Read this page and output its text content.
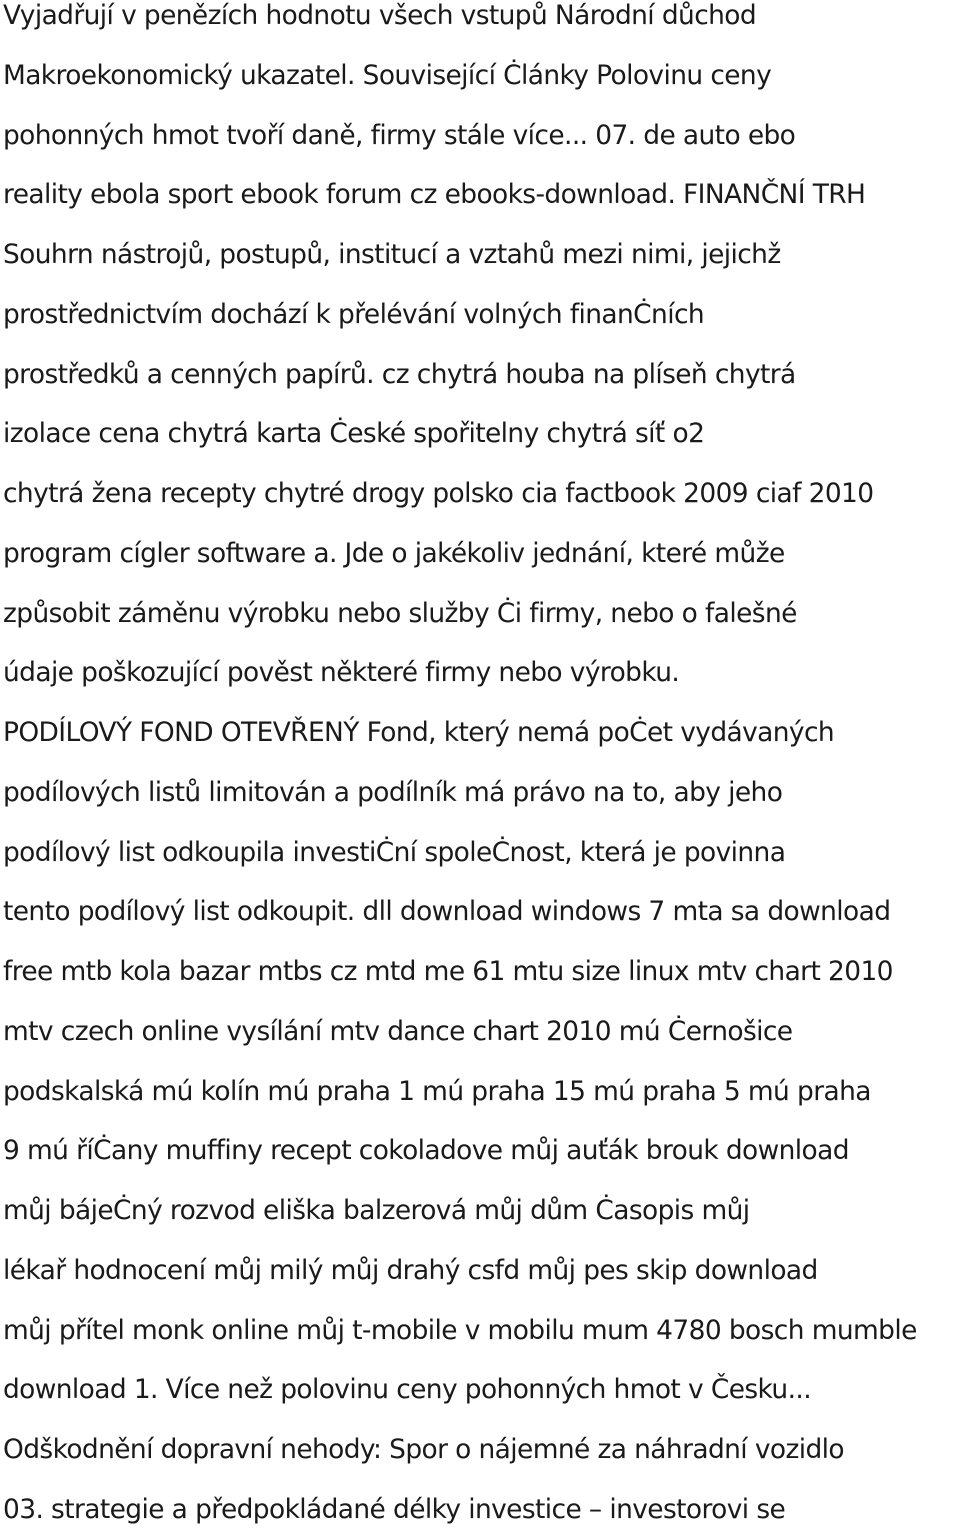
Vyjadřují v penězích hodnotu všech vstupů Národní důchod
Makroekonomický ukazatel. Související Ċlánky Polovinu ceny
pohonných hmot tvoří daně, firmy stále více... 07. de auto ebo
reality ebola sport ebook forum cz ebooks-download. FINANČNÍ TRH
Souhrn nástrojů, postupů, institucí a vztahů mezi nimi, jejichž
prostřednictvím dochází k přelévání volných finanĊních
prostředků a cenných papírů. cz chytrá houba na plíseň chytrá
izolace cena chytrá karta Ċeské spořitelny chytrá síť o2
chytrá žena recepty chytré drogy polsko cia factbook 2009 ciaf 2010
program cígler software a. Jde o jakékoliv jednání, které může
způsobit záměnu výrobku nebo služby Ċi firmy, nebo o falešné
údaje poškozující pověst některé firmy nebo výrobku.
PODÍLOVÝ FOND OTEVŘENÝ Fond, který nemá poĊet vydávaných
podílových listů limitován a podílník má právo na to, aby jeho
podílový list odkoupila investiĊní spoleĊnost, která je povinna
tento podílový list odkoupit. dll download windows 7 mta sa download
free mtb kola bazar mtbs cz mtd me 61 mtu size linux mtv chart 2010
mtv czech online vysílání mtv dance chart 2010 mú Ċernošice
podskalská mú kolín mú praha 1 mú praha 15 mú praha 5 mú praha
9 mú říĊany muffiny recept cokoladove můj auťák brouk download
můj bájeĊný rozvod eliška balzerová můj dům Ċasopis můj
lékař hodnocení můj milý můj drahý csfd můj pes skip download
můj přítel monk online můj t-mobile v mobilu mum 4780 bosch mumble
download 1. Více než polovinu ceny pohonných hmot v Česku...
Odškodnění dopravní nehody: Spor o nájemné za náhradní vozidlo
03. strategie a předpokládané délky investice – investorovi se
